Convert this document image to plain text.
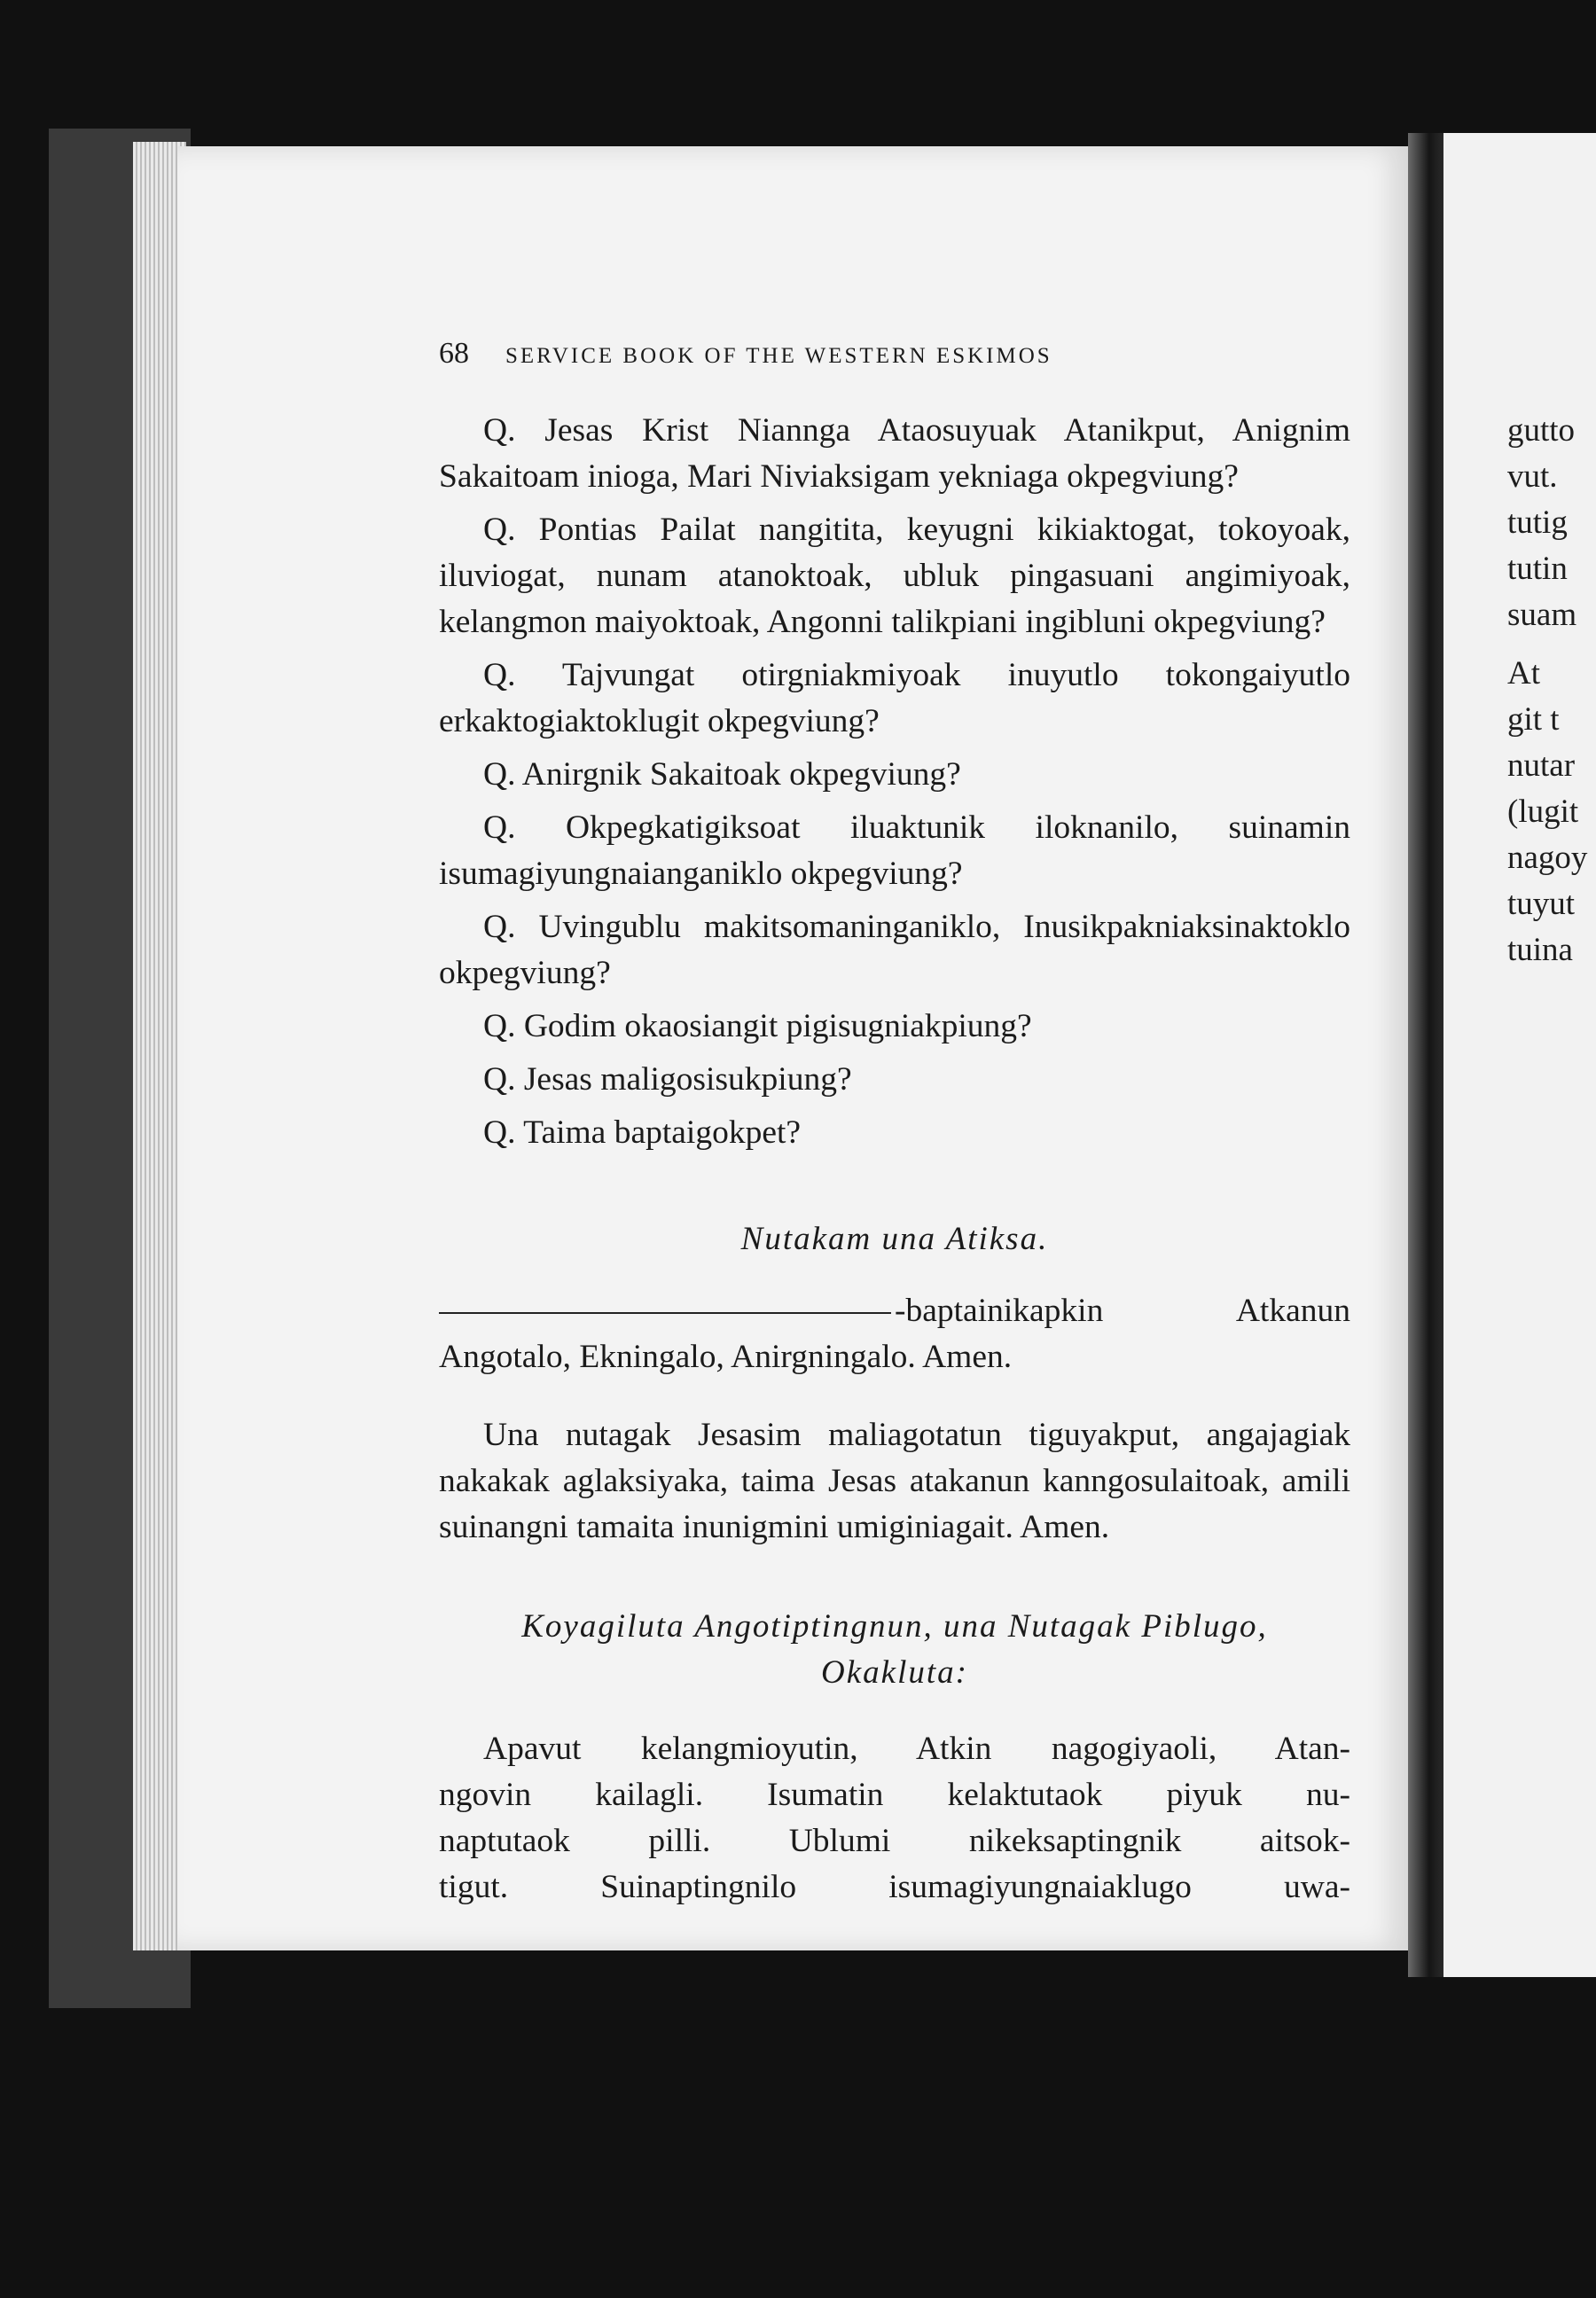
gutto
vut.
tutig
tutin
suam
At
git t
nutar
(lugit
nagoy
tuyut
tuina
68	SERVICE BOOK OF THE WESTERN ESKIMOS

Q. Jesas Krist Niannga Ataosuyuak Atanikput, Anignim Sakaitoam inioga, Mari Niviaksigam yekniaga okpegviung?

Q. Pontias Pailat nangitita, keyugni kikiaktogat, tokoyoak, iluviogat, nunam atanoktoak, ubluk pingasuani angimiyoak, kelangmon maiyoktoak, Angonni talikpiani ingibluni okpegviung?

Q. Tajvungat otirgniakmiyoak inuyutlo tokongaiyutlo erkaktogiaktoklugit okpegviung?

Q. Anirgnik Sakaitoak okpegviung?

Q. Okpegkatigiksoat iluaktunik iloknanilo, suinamin isumagiyungnaianganiklo okpegviung?

Q. Uvingublu makitsomaninganiklo, Inusikpakniaksinaktoklo okpegviung?

Q. Godim okaosiangit pigisugniakpiung?

Q. Jesas maligosisukpiung?

Q. Taima baptaigokpet?

Nutakam una Atiksa.
-baptainikapkin Atkanun Angotalo, Ekningalo, Anirgningalo. Amen.
Una nutagak Jesasim maliagotatun tiguyakput, angajagiak nakakak aglaksiyaka, taima Jesas atakanun kanngosulaitoak, amili suinangni tamaita inunigmini umiginiagait. Amen.
Koyagiluta Angotiptingnun, una Nutagak Piblugo,
Okakluta:
Apavut kelangmioyutin, Atkin nagogiyaoli, Atan-
ngovin kailagli. Isumatin kelaktutaok piyuk nu-
naptutaok pilli. Ublumi nikeksaptingnik aitsok-
tigut. Suinaptingnilo isumagiyungnaiaklugo uwa-
